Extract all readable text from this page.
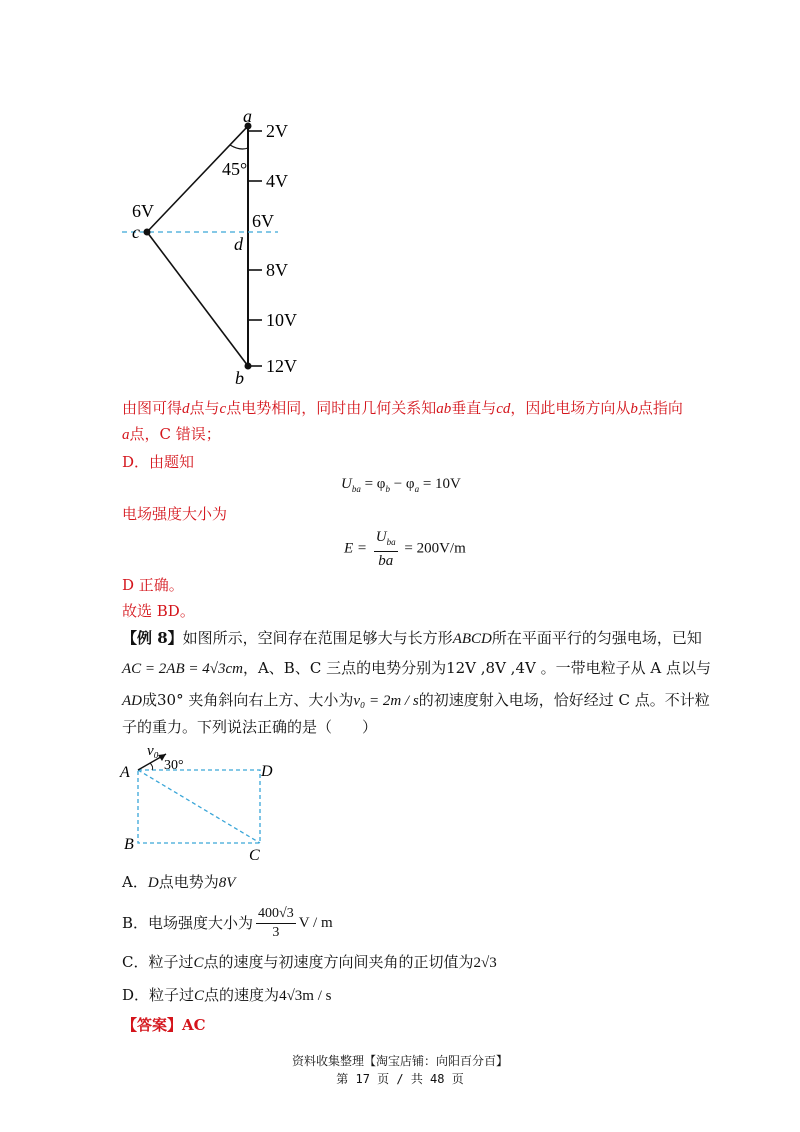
a
b
c
d
45°
6V
2V
4V
6V
8V
10V
12V
由图可得d点与c点电势相同，同时由几何关系知ab垂直与cd，因此电场方向从b点指向
a点，C 错误；
D．由题知
$U_{ba} = \varphi_b - \varphi_a = 10V$
电场强度大小为
$E = \frac{U_{ba}}{ba} = 200V/m$
D 正确。
故选 BD。
【例 8】如图所示，空间存在范围足够大与长方形ABCD所在平面平行的匀强电场，已知
AC = 2AB = 4√3cm，A、B、C 三点的电势分别为12V ,8V ,4V 。一带电粒子从 A 点以与
AD成30° 夹角斜向右上方、大小为v₀ = 2m / s的初速度射入电场，恰好经过 C 点。不计粒
子的重力。下列说法正确的是（　　）
A
B
C
D
v₀
30°
A．D点电势为8V
B．电场强度大小为 $\frac{400√3}{3}$ V / m
C．粒子过C点的速度与初速度方向间夹角的正切值为2√3
D．粒子过C点的速度为4√3m / s
【答案】AC
资料收集整理【淘宝店铺：向阳百分百】
第 17 页 / 共 48 页
